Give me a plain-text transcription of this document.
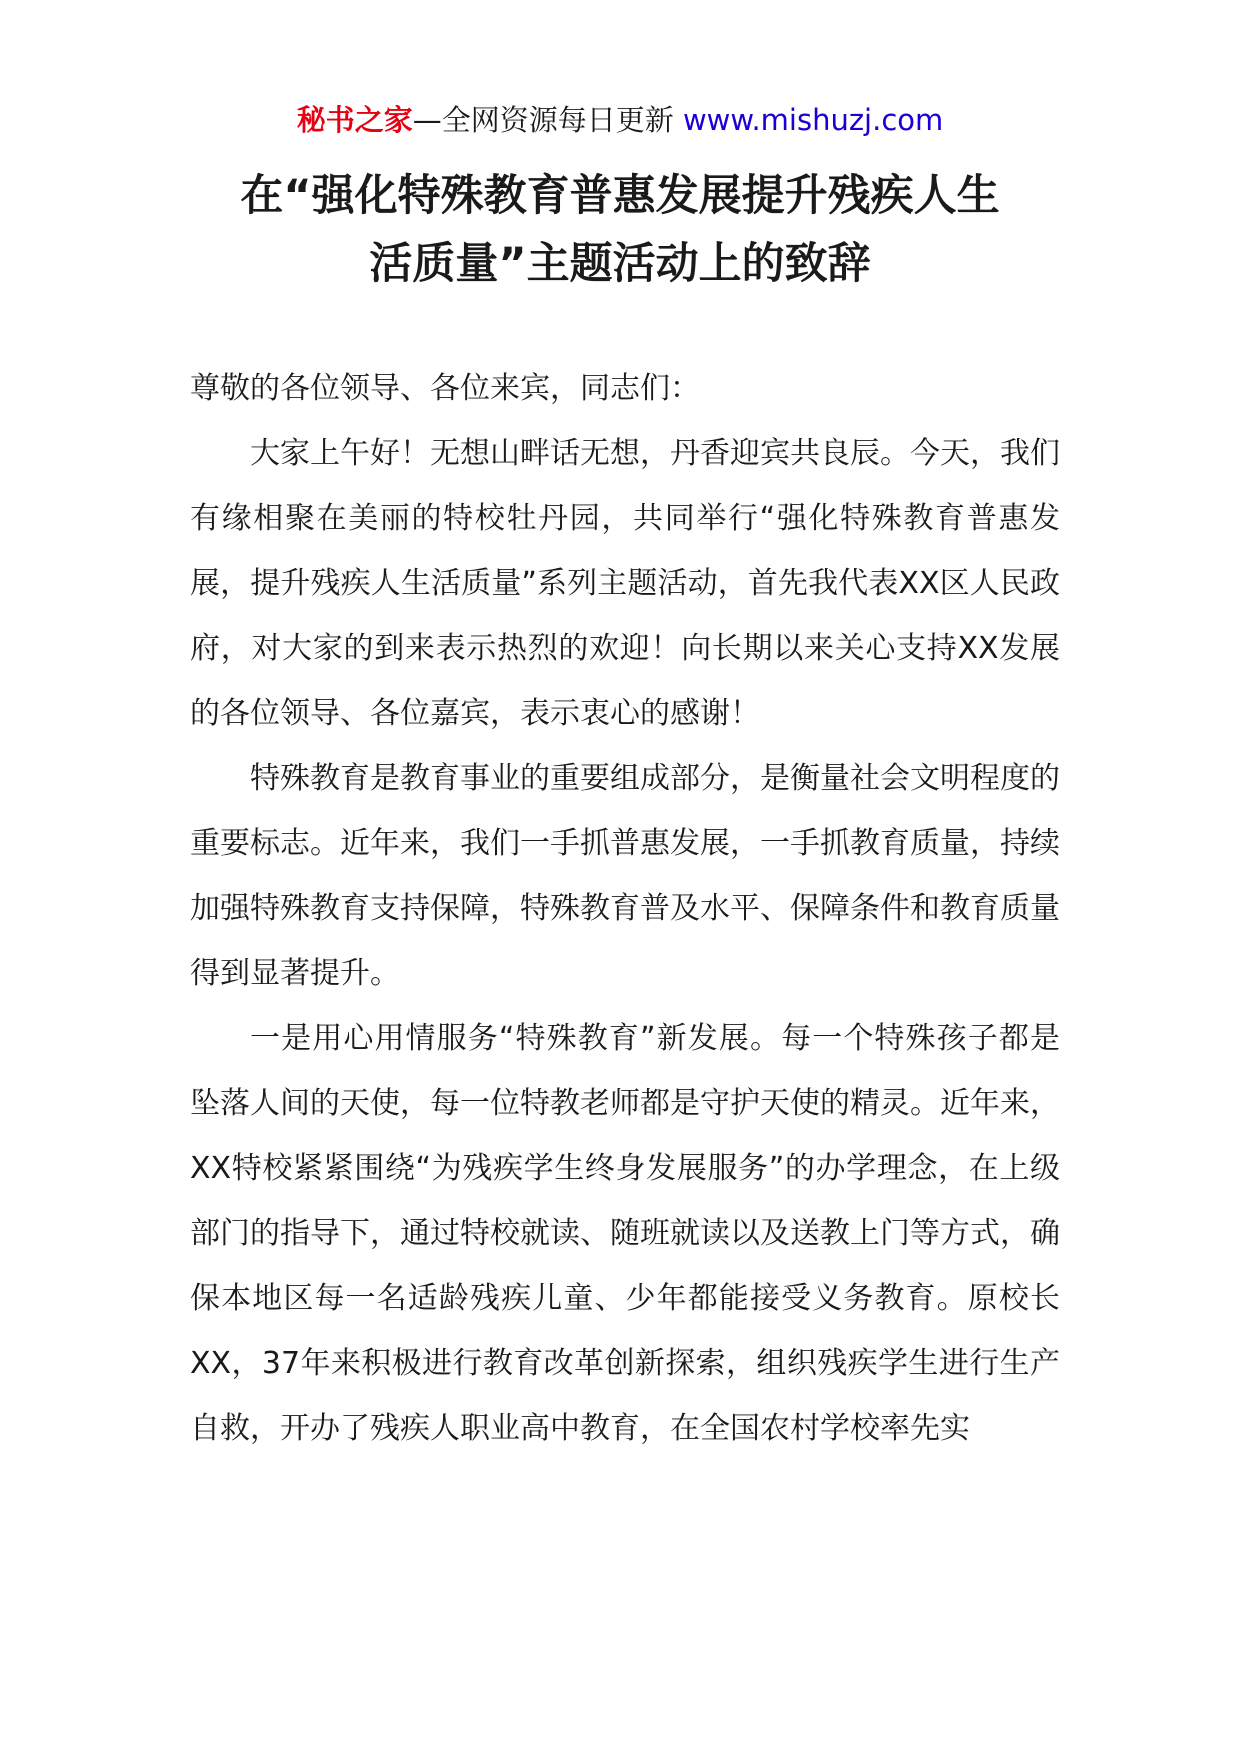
秘书之家—全网资源每日更新 www.mishuzj.com
在“强化特殊教育普惠发展提升残疾人生
活质量”主题活动上的致辞

尊敬的各位领导、各位来宾，同志们：

大家上午好！无想山畔话无想，丹香迎宾共良辰。今天，我们有缘相聚在美丽的特校牡丹园，共同举行“强化特殊教育普惠发展，提升残疾人生活质量”系列主题活动，首先我代表XX区人民政府，对大家的到来表示热烈的欢迎！向长期以来关心支持XX发展的各位领导、各位嘉宾，表示衷心的感谢！

特殊教育是教育事业的重要组成部分，是衡量社会文明程度的重要标志。近年来，我们一手抓普惠发展，一手抓教育质量，持续加强特殊教育支持保障，特殊教育普及水平、保障条件和教育质量得到显著提升。

一是用心用情服务“特殊教育”新发展。每一个特殊孩子都是坠落人间的天使，每一位特教老师都是守护天使的精灵。近年来，XX特校紧紧围绕“为残疾学生终身发展服务”的办学理念，在上级部门的指导下，通过特校就读、随班就读以及送教上门等方式，确保本地区每一名适龄残疾儿童、少年都能接受义务教育。原校长XX，37年来积极进行教育改革创新探索，组织残疾学生进行生产自救，开办了残疾人职业高中教育，在全国农村学校率先实
